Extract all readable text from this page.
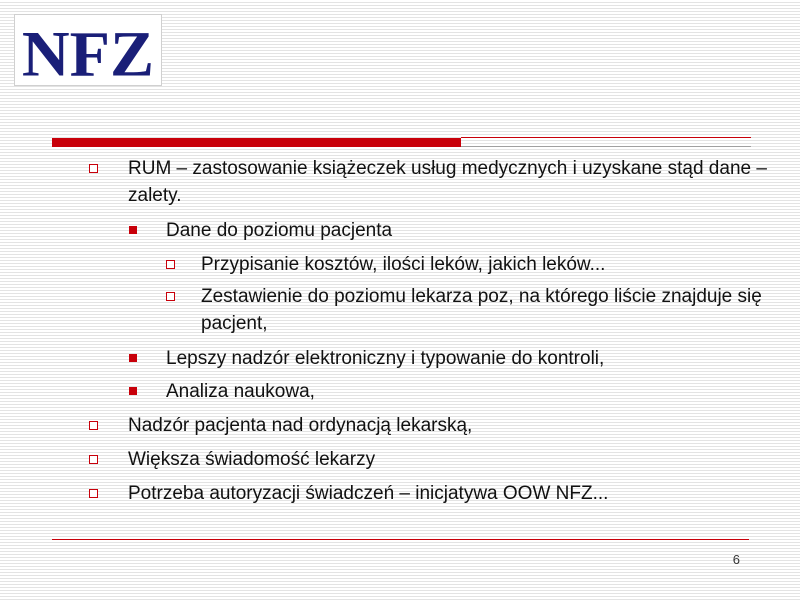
NFZ
RUM – zastosowanie książeczek usług medycznych i uzyskane stąd dane – zalety.
Dane do poziomu pacjenta
Przypisanie kosztów, ilości leków, jakich leków...
Zestawienie do poziomu lekarza poz, na którego liście znajduje się pacjent,
Lepszy nadzór elektroniczny i typowanie do kontroli,
Analiza naukowa,
Nadzór pacjenta nad ordynacją lekarską,
Większa świadomość lekarzy
Potrzeba autoryzacji świadczeń – inicjatywa OOW NFZ...
6
